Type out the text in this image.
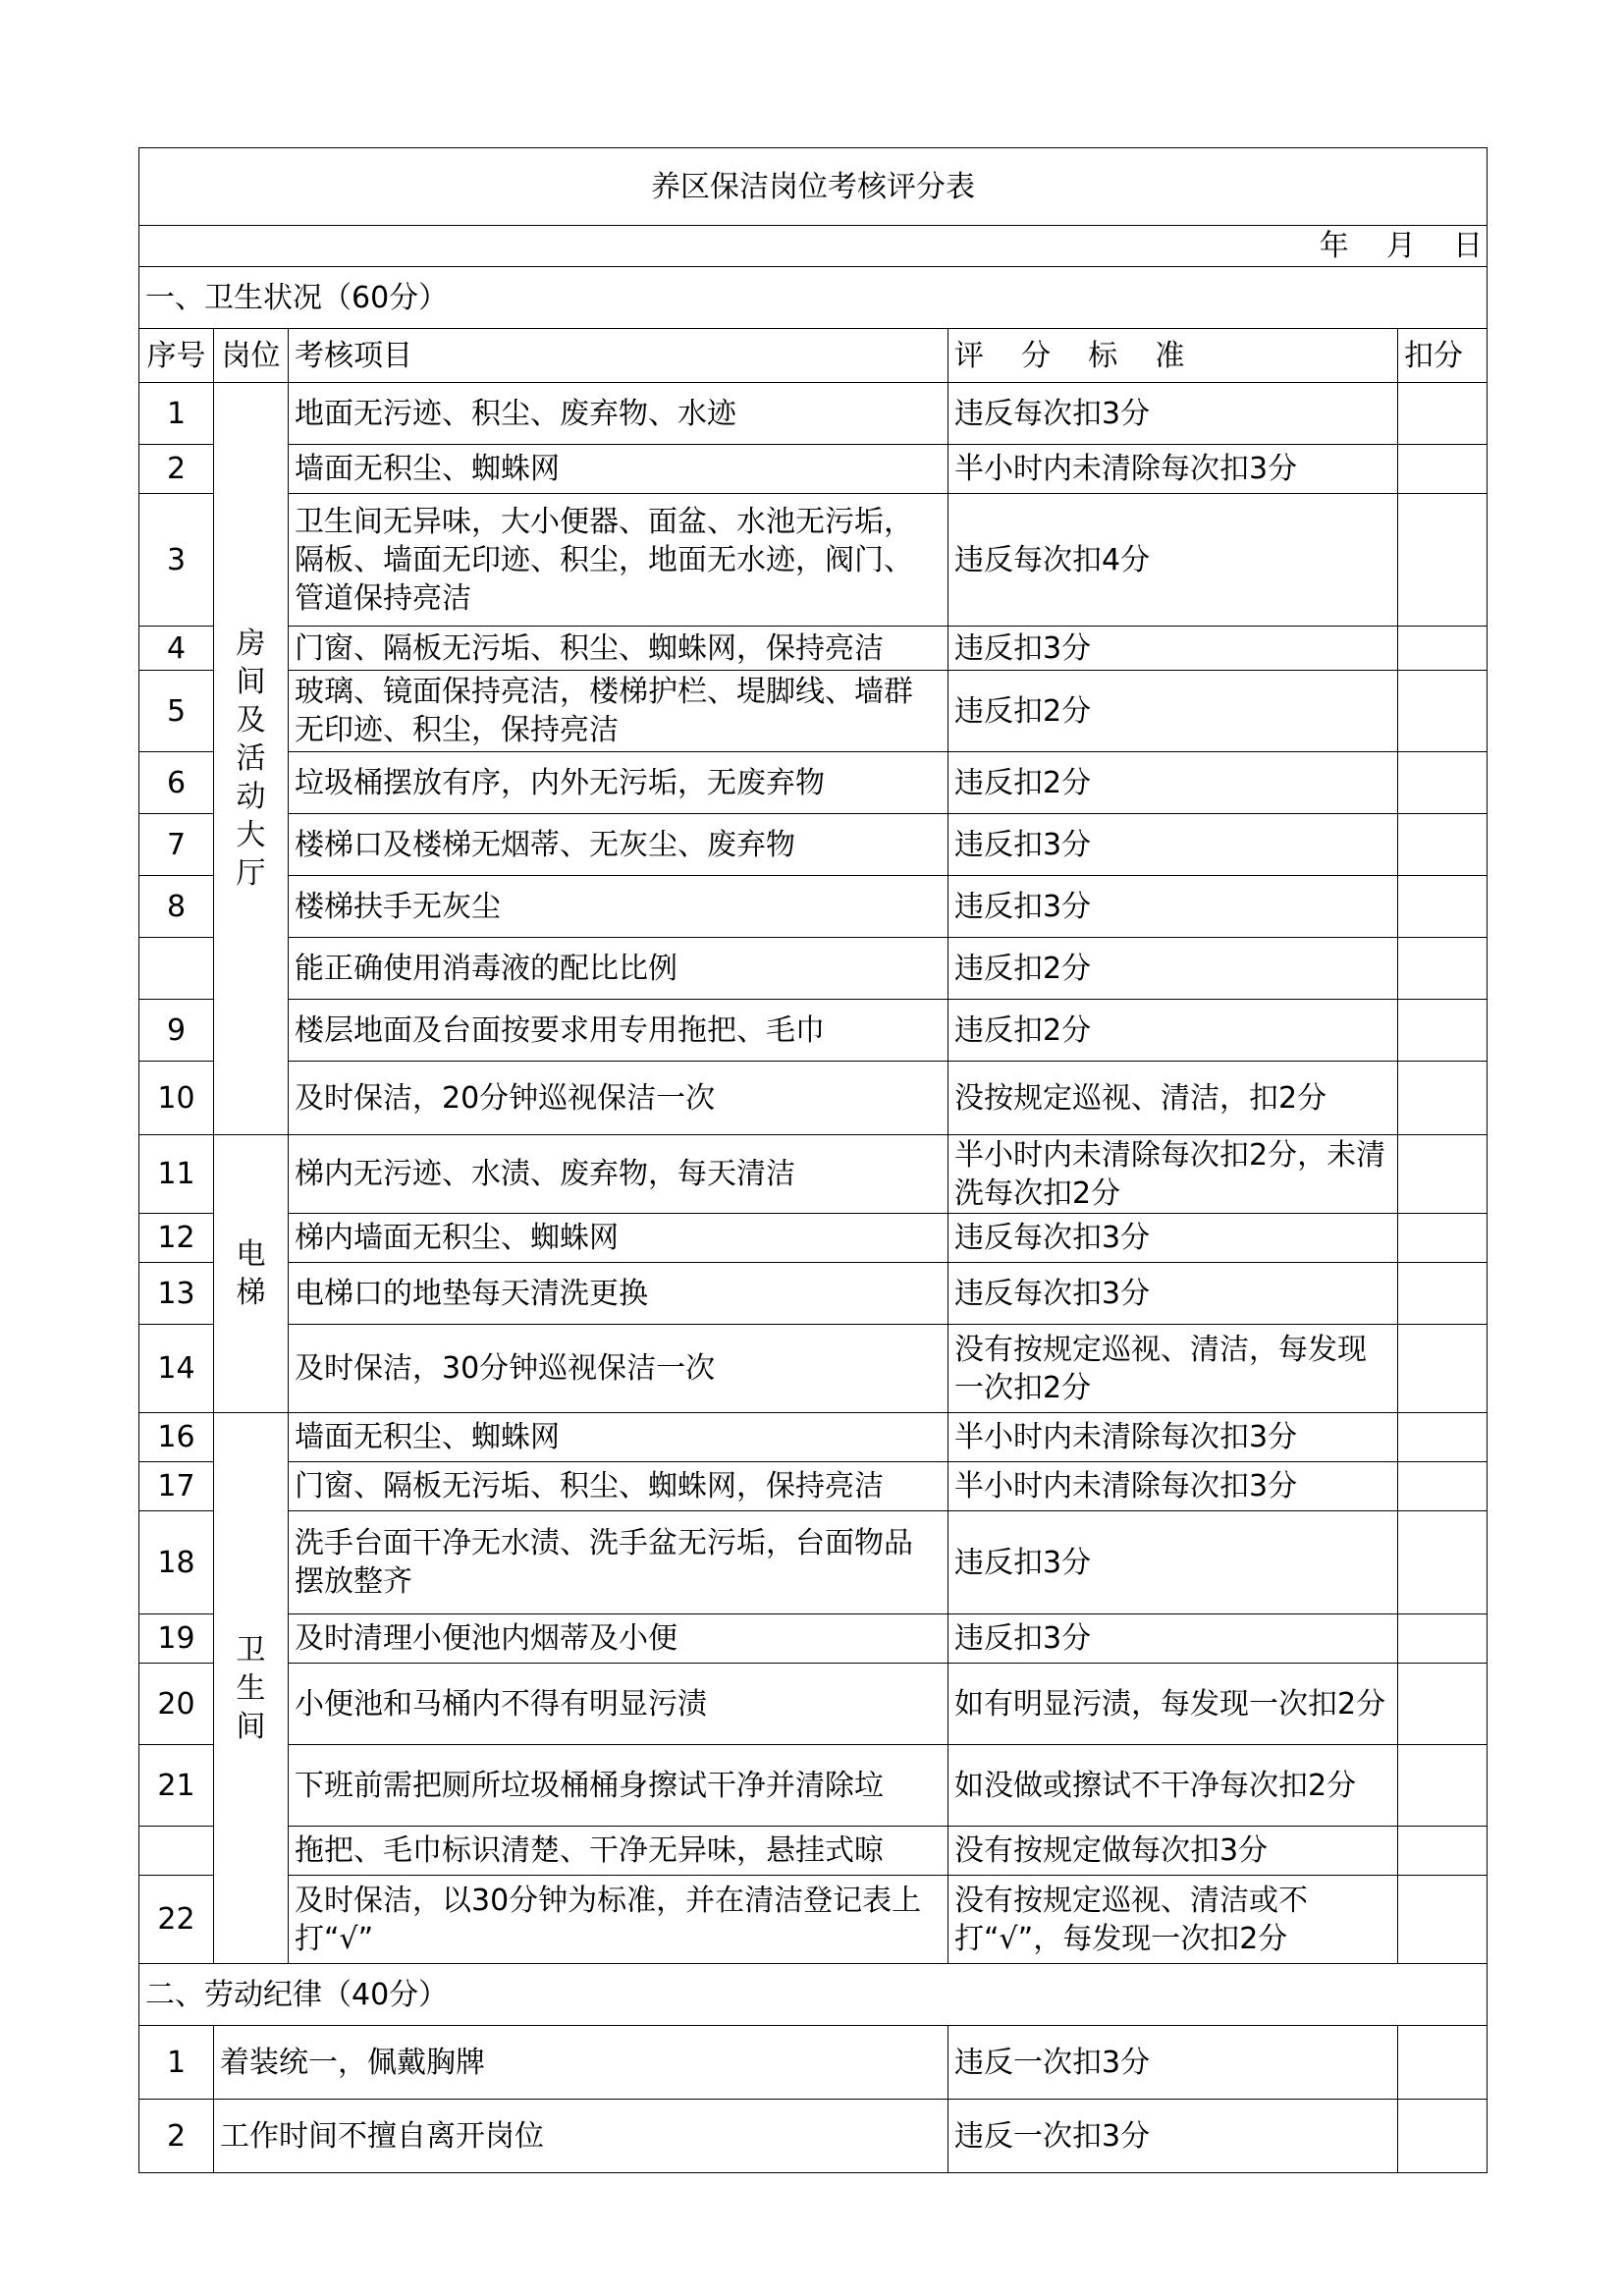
养区保洁岗位考核评分表				
年    月    日				
一、卫生状况（60分）				
序号	岗位	考核项目	评    分    标    准	扣分
1	房间及活动大厅	地面无污迹、积尘、废弃物、水迹	违反每次扣3分	
2		墙面无积尘、蜘蛛网	半小时内未清除每次扣3分	
3		卫生间无异味，大小便器、面盆、水池无污垢，隔板、墙面无印迹、积尘，地面无水迹，阀门、管道保持亮洁	违反每次扣4分	
4		门窗、隔板无污垢、积尘、蜘蛛网，保持亮洁	违反扣3分	
5		玻璃、镜面保持亮洁，楼梯护栏、堤脚线、墙群无印迹、积尘，保持亮洁	违反扣2分	
6		垃圾桶摆放有序，内外无污垢，无废弃物	违反扣2分	
7		楼梯口及楼梯无烟蒂、无灰尘、废弃物	违反扣3分	
8		楼梯扶手无灰尘	违反扣3分	
		能正确使用消毒液的配比比例	违反扣2分	
9		楼层地面及台面按要求用专用拖把、毛巾	违反扣2分	
10		及时保洁，20分钟巡视保洁一次	没按规定巡视、清洁，扣2分	
11	电梯	梯内无污迹、水渍、废弃物，每天清洁	半小时内未清除每次扣2分，未清洗每次扣2分	
12		梯内墙面无积尘、蜘蛛网	违反每次扣3分	
13		电梯口的地垫每天清洗更换	违反每次扣3分	
14		及时保洁，30分钟巡视保洁一次	没有按规定巡视、清洁，每发现一次扣2分	
16	卫生间	墙面无积尘、蜘蛛网	半小时内未清除每次扣3分	
17		门窗、隔板无污垢、积尘、蜘蛛网，保持亮洁	半小时内未清除每次扣3分	
18		洗手台面干净无水渍、洗手盆无污垢，台面物品摆放整齐	违反扣3分	
19		及时清理小便池内烟蒂及小便	违反扣3分	
20		小便池和马桶内不得有明显污渍	如有明显污渍，每发现一次扣2分	
21		下班前需把厕所垃圾桶桶身擦试干净并清除垃	如没做或擦试不干净每次扣2分	
		拖把、毛巾标识清楚、干净无异味，悬挂式晾	没有按规定做每次扣3分	
22		及时保洁，以30分钟为标准，并在清洁登记表上打“√”	没有按规定巡视、清洁或不打“√”，每发现一次扣2分	
二、劳动纪律（40分）				
1	着装统一，佩戴胸牌		违反一次扣3分	
2	工作时间不擅自离开岗位		违反一次扣3分	
